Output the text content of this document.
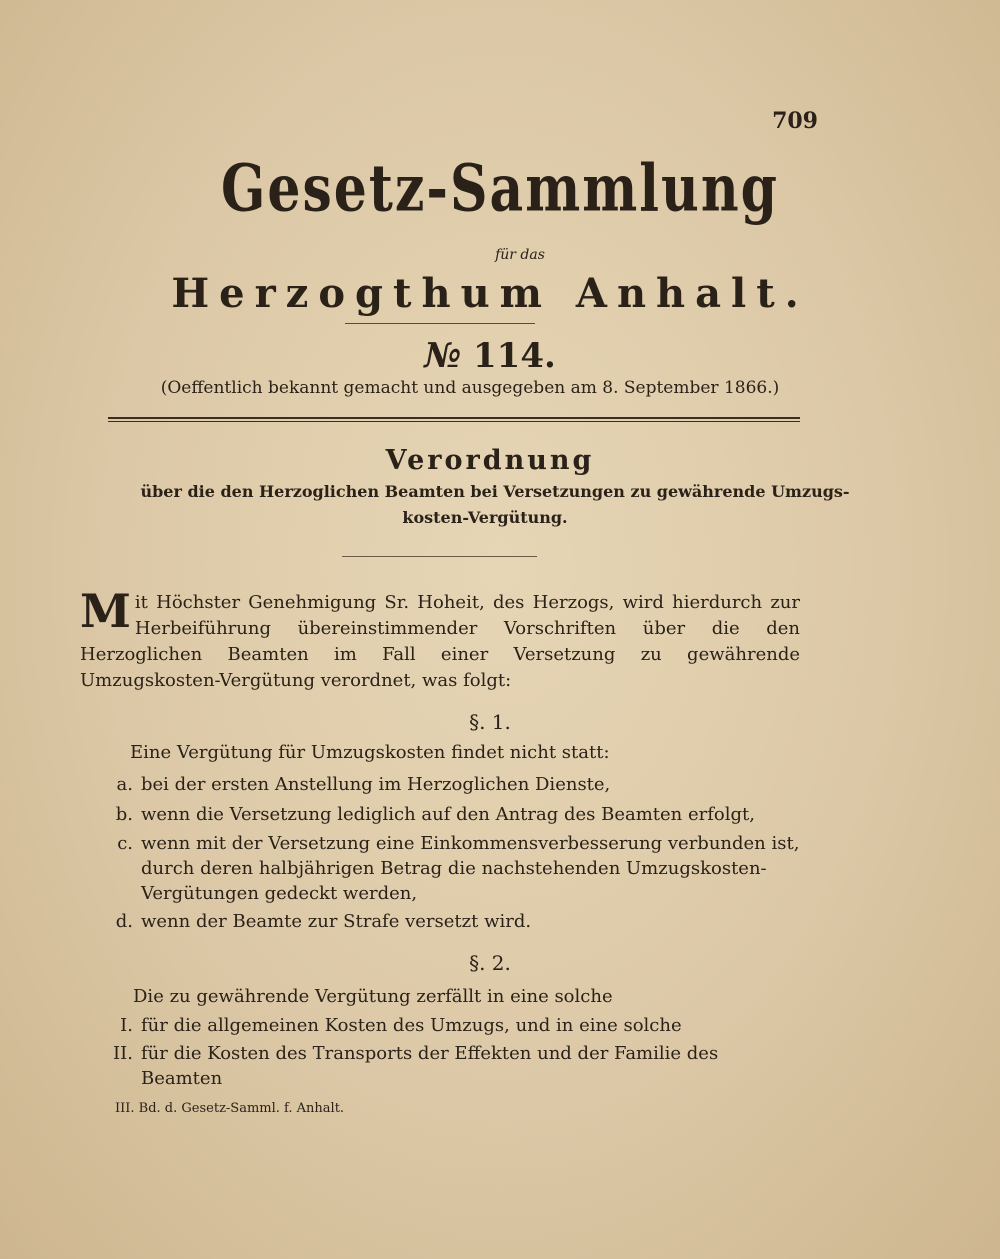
709
Gesetz-Sammlung
für das
Herzogthum Anhalt.
№ 114.
(Oeffentlich bekannt gemacht und ausgegeben am 8. September 1866.)
Verordnung
über die den Herzoglichen Beamten bei Versetzungen zu gewährende Umzugs-
kosten-Vergütung.
Mit Höchster Genehmigung Sr. Hoheit, des Herzogs, wird hierdurch zur Herbeiführung übereinstimmender Vorschriften über die den Herzoglichen Beamten im Fall einer Versetzung zu gewährende Umzugskosten-Vergütung verordnet, was folgt:
§. 1.
Eine Vergütung für Umzugskosten findet nicht statt:
a. bei der ersten Anstellung im Herzoglichen Dienste,
b. wenn die Versetzung lediglich auf den Antrag des Beamten erfolgt,
c. wenn mit der Versetzung eine Einkommensverbesserung verbunden ist,
durch deren halbjährigen Betrag die nachstehenden Umzugskosten-
Vergütungen gedeckt werden,
d. wenn der Beamte zur Strafe versetzt wird.
§. 2.
Die zu gewährende Vergütung zerfällt in eine solche
I. für die allgemeinen Kosten des Umzugs, und in eine solche
II. für die Kosten des Transports der Effekten und der Familie des
Beamten
III. Bd. d. Gesetz-Samml. f. Anhalt.
